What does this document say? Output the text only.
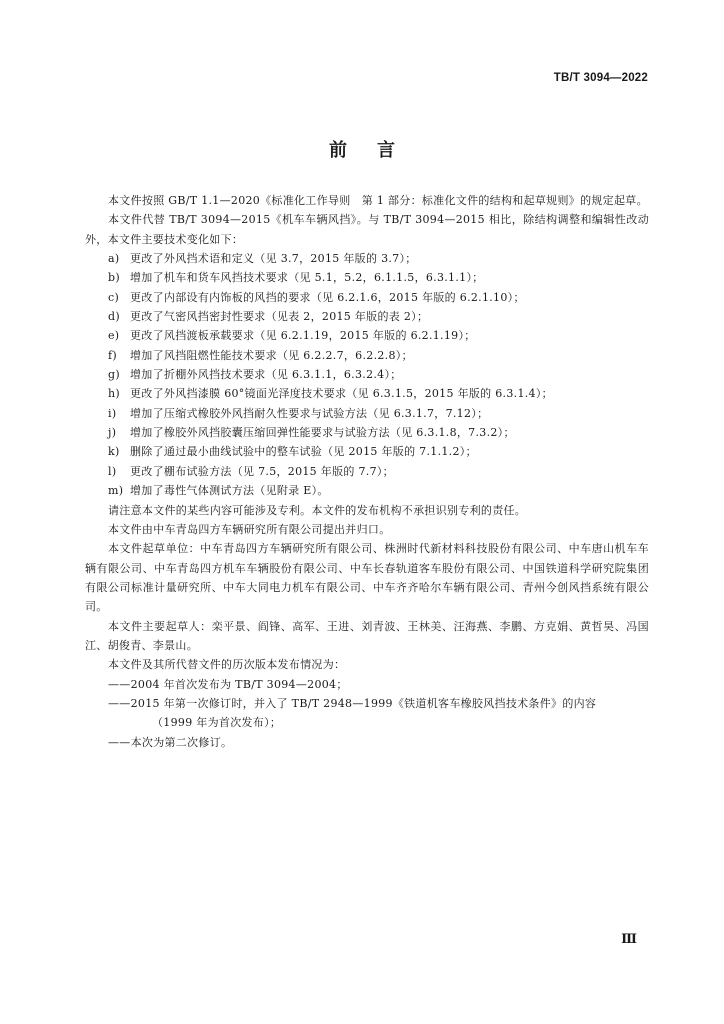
TB/T 3094—2022
前言

本文件按照 GB/T 1.1—2020《标准化工作导则　第 1 部分：标准化文件的结构和起草规则》的规定起草。

本文件代替 TB/T 3094—2015《机车车辆风挡》。与 TB/T 3094—2015 相比，除结构调整和编辑性改动外，本文件主要技术变化如下：

a) 更改了外风挡术语和定义（见 3.7，2015 年版的 3.7）；
b) 增加了机车和货车风挡技术要求（见 5.1，5.2，6.1.1.5，6.3.1.1）；
c) 更改了内部设有内饰板的风挡的要求（见 6.2.1.6，2015 年版的 6.2.1.10）；
d) 更改了气密风挡密封性要求（见表 2，2015 年版的表 2）；
e) 更改了风挡渡板承载要求（见 6.2.1.19，2015 年版的 6.2.1.19）；
f)	增加了风挡阻燃性能技术要求（见 6.2.2.7，6.2.2.8）；
g) 增加了折棚外风挡技术要求（见 6.3.1.1，6.3.2.4）；
h) 更改了外风挡漆膜 60°镜面光泽度技术要求（见 6.3.1.5，2015 年版的 6.3.1.4）；
i)	增加了压缩式橡胶外风挡耐久性要求与试验方法（见 6.3.1.7，7.12）；
j)	增加了橡胶外风挡胶囊压缩回弹性能要求与试验方法（见 6.3.1.8，7.3.2）；
k) 删除了通过最小曲线试验中的整车试验（见 2015 年版的 7.1.1.2）；
l)	更改了棚布试验方法（见 7.5，2015 年版的 7.7）；
m) 增加了毒性气体测试方法（见附录 E）。

请注意本文件的某些内容可能涉及专利。本文件的发布机构不承担识别专利的责任。

本文件由中车青岛四方车辆研究所有限公司提出并归口。

本文件起草单位：中车青岛四方车辆研究所有限公司、株洲时代新材料科技股份有限公司、中车唐山机车车辆有限公司、中车青岛四方机车车辆股份有限公司、中车长春轨道客车股份有限公司、中国铁道科学研究院集团有限公司标准计量研究所、中车大同电力机车有限公司、中车齐齐哈尔车辆有限公司、青州今创风挡系统有限公司。

本文件主要起草人：栾平景、阎锋、高军、王进、刘青波、王林美、汪海燕、李鹏、方克娟、黄哲昊、冯国江、胡俊青、李景山。

本文件及其所代替文件的历次版本发布情况为：

——2004 年首次发布为 TB/T 3094—2004；

——2015 年第一次修订时，并入了 TB/T 2948—1999《铁道机客车橡胶风挡技术条件》的内容

（1999 年为首次发布）；

——本次为第二次修订。

Ⅲ
